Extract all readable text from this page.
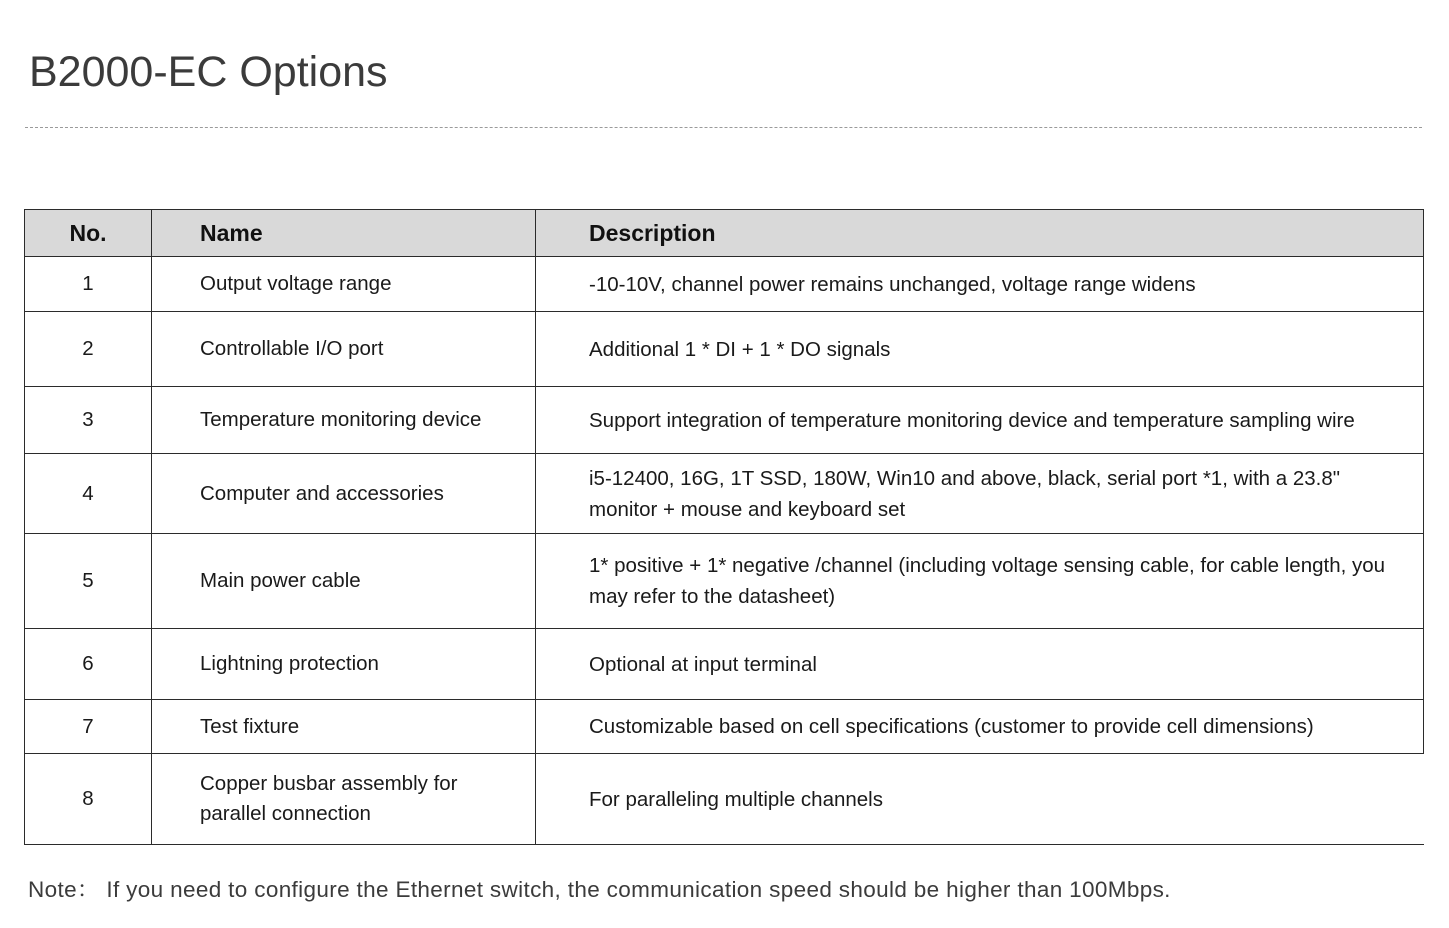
B2000-EC Options
No.	Name	Description
1	Output voltage range	-10-10V, channel power remains unchanged, voltage range widens
2	Controllable I/O port	Additional 1 * DI + 1 * DO signals
3	Temperature monitoring device	Support integration of temperature monitoring device and temperature sampling wire
4	Computer and accessories	i5-12400, 16G, 1T SSD, 180W, Win10 and above, black, serial port *1, with a 23.8" monitor + mouse and keyboard set
5	Main power cable	1* positive + 1* negative /channel (including voltage sensing cable, for cable length, you may refer to the datasheet)
6	Lightning protection	Optional at input terminal
7	Test fixture	Customizable based on cell specifications (customer to provide cell dimensions)
8	Copper busbar assembly for parallel connection	For paralleling multiple channels

Note： If you need to configure the Ethernet switch, the communication speed should be higher than 100Mbps.
